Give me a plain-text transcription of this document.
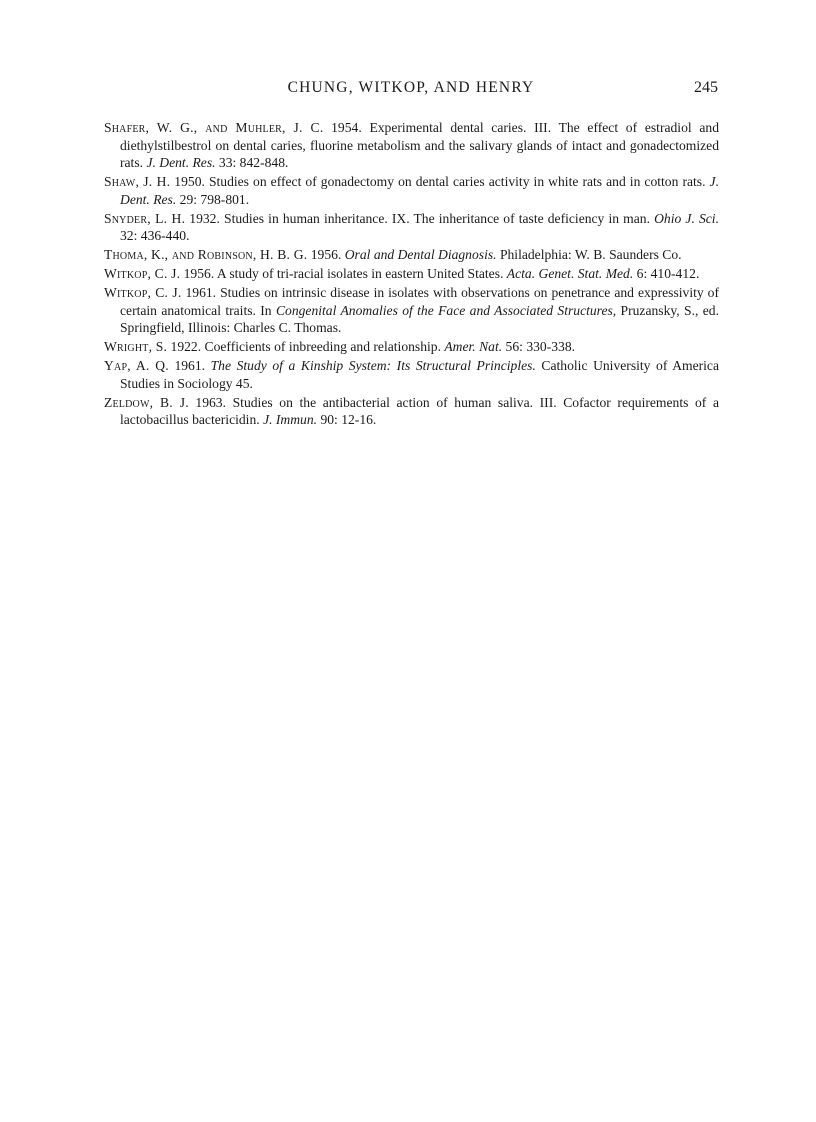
CHUNG, WITKOP, AND HENRY	245

Shafer, W. G., and Muhler, J. C. 1954. Experimental dental caries. III. The effect of estradiol and diethylstilbestrol on dental caries, fluorine metabolism and the salivary glands of intact and gonadectomized rats. J. Dent. Res. 33: 842-848.

Shaw, J. H. 1950. Studies on effect of gonadectomy on dental caries activity in white rats and in cotton rats. J. Dent. Res. 29: 798-801.

Snyder, L. H. 1932. Studies in human inheritance. IX. The inheritance of taste deficiency in man. Ohio J. Sci. 32: 436-440.

Thoma, K., and Robinson, H. B. G. 1956. Oral and Dental Diagnosis. Philadelphia: W. B. Saunders Co.

Witkop, C. J. 1956. A study of tri-racial isolates in eastern United States. Acta. Genet. Stat. Med. 6: 410-412.

Witkop, C. J. 1961. Studies on intrinsic disease in isolates with observations on penetrance and expressivity of certain anatomical traits. In Congenital Anomalies of the Face and Associated Structures, Pruzansky, S., ed. Springfield, Illinois: Charles C. Thomas.

Wright, S. 1922. Coefficients of inbreeding and relationship. Amer. Nat. 56: 330-338.

Yap, A. Q. 1961. The Study of a Kinship System: Its Structural Principles. Catholic University of America Studies in Sociology 45.

Zeldow, B. J. 1963. Studies on the antibacterial action of human saliva. III. Cofactor requirements of a lactobacillus bactericidin. J. Immun. 90: 12-16.
